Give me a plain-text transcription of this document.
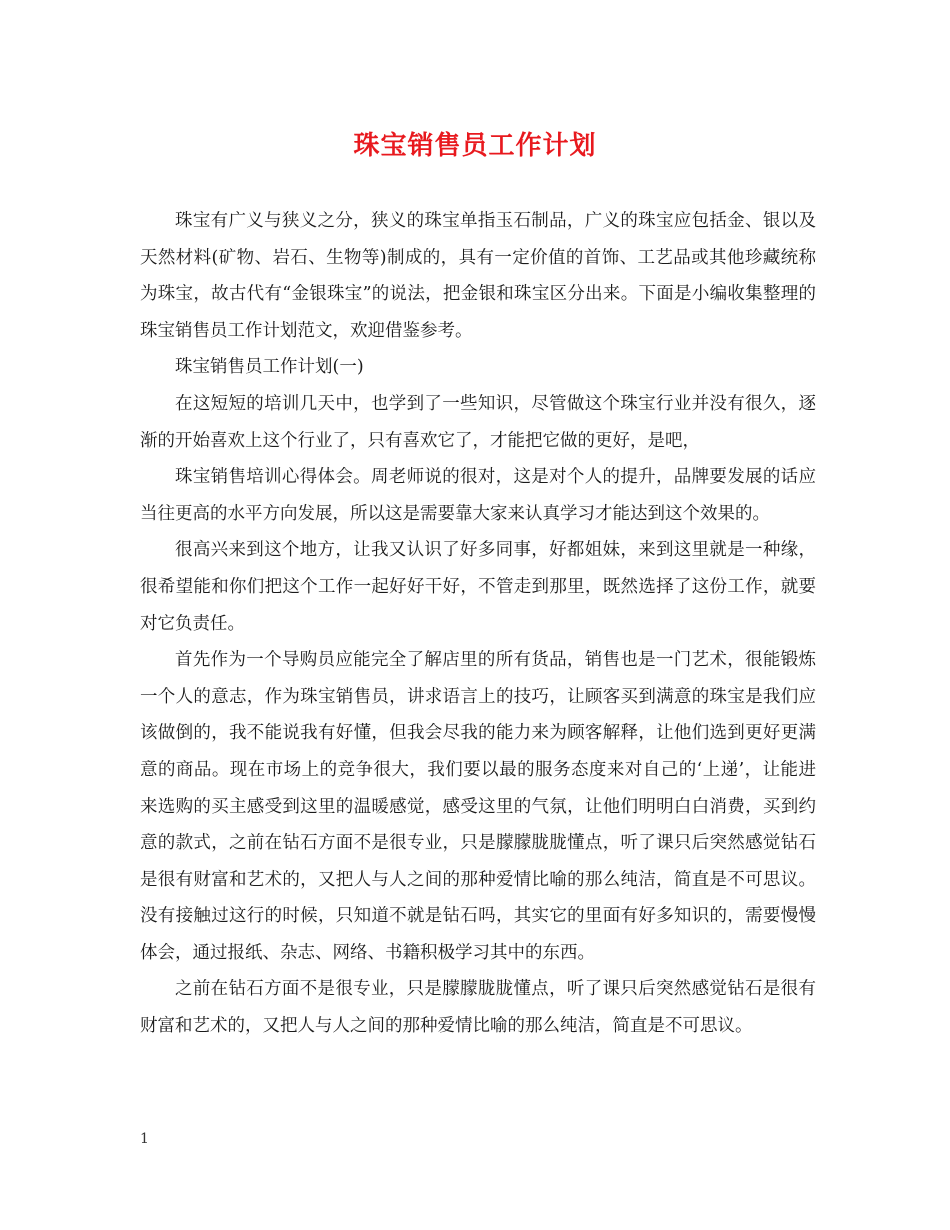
珠宝销售员工作计划

珠宝有广义与狭义之分，狭义的珠宝单指玉石制品，广义的珠宝应包括金、银以及天然材料(矿物、岩石、生物等)制成的，具有一定价值的首饰、工艺品或其他珍藏统称为珠宝，故古代有“金银珠宝”的说法，把金银和珠宝区分出来。下面是小编收集整理的珠宝销售员工作计划范文，欢迎借鉴参考。

珠宝销售员工作计划(一)

在这短短的培训几天中，也学到了一些知识，尽管做这个珠宝行业并没有很久，逐渐的开始喜欢上这个行业了，只有喜欢它了，才能把它做的更好，是吧，

珠宝销售培训心得体会。周老师说的很对，这是对个人的提升，品牌要发展的话应当往更高的水平方向发展，所以这是需要靠大家来认真学习才能达到这个效果的。

很高兴来到这个地方，让我又认识了好多同事，好都姐妹，来到这里就是一种缘，很希望能和你们把这个工作一起好好干好，不管走到那里，既然选择了这份工作，就要对它负责任。

首先作为一个导购员应能完全了解店里的所有货品，销售也是一门艺术，很能锻炼一个人的意志，作为珠宝销售员，讲求语言上的技巧，让顾客买到满意的珠宝是我们应该做倒的，我不能说我有好懂，但我会尽我的能力来为顾客解释，让他们选到更好更满意的商品。现在市场上的竞争很大，我们要以最的服务态度来对自己的‘上递’，让能进来选购的买主感受到这里的温暖感觉，感受这里的气氛，让他们明明白白消费，买到约意的款式，之前在钻石方面不是很专业，只是朦朦胧胧懂点，听了课只后突然感觉钻石是很有财富和艺术的，又把人与人之间的那种爱情比喻的那么纯洁，简直是不可思议。没有接触过这行的时候，只知道不就是钻石吗，其实它的里面有好多知识的，需要慢慢体会，通过报纸、杂志、网络、书籍积极学习其中的东西。

之前在钻石方面不是很专业，只是朦朦胧胧懂点，听了课只后突然感觉钻石是很有财富和艺术的，又把人与人之间的那种爱情比喻的那么纯洁，简直是不可思议。

1
